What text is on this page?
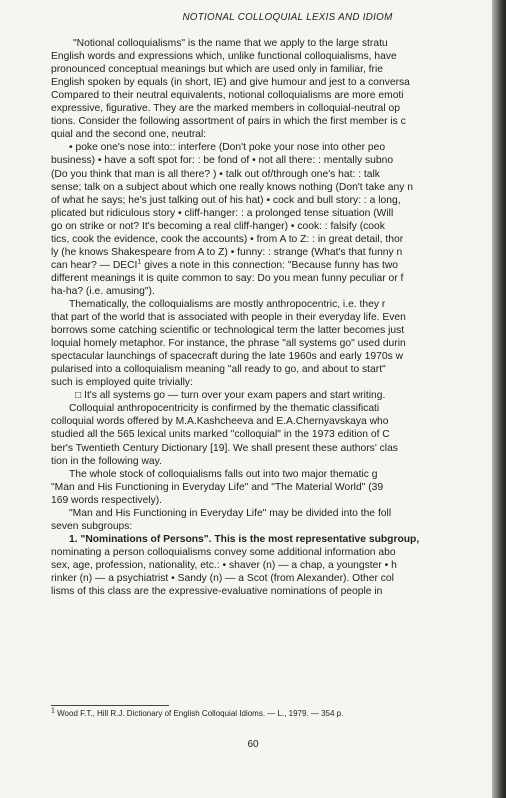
NOTIONAL COLLOQUIAL LEXIS AND IDIOM
"Notional colloquialisms" is the name that we apply to the large stratu
English words and expressions which, unlike functional colloquialisms, have
pronounced conceptual meanings but which are used only in familiar, frie
English spoken by equals (in short, IE) and give humour and jest to a conversa
Compared to their neutral equivalents, notional colloquialisms are more emoti
expressive, figurative. They are the marked members in colloquial-neutral op
tions. Consider the following assortment of pairs in which the first member is c
quial and the second one, neutral:
• poke one's nose into:: interfere (Don't poke your nose into other peo
business) • have a soft spot for: : be fond of • not all there: : mentally subno
(Do you think that man is all there? ) • talk out of/through one's hat: : talk
sense; talk on a subject about which one really knows nothing (Don't take any n
of what he says; he's just talking out of his hat) • cock and bull story: : a long,
plicated but ridiculous story • cliff-hanger: : a prolonged tense situation (Will
go on strike or not? It's becoming a real cliff-hanger) • cook: : falsify (cook
tics, cook the evidence, cook the accounts) • from A to Z: : in great detail, thor
ly (he knows Shakespeare from A to Z) • funny: : strange (What's that funny n
can hear? — DECI$^1$ gives a note in this connection: "Because funny has two
different meanings it is quite common to say: Do you mean funny peculiar or f
ha-ha? (i.e. amusing").
Thematically, the colloquialisms are mostly anthropocentric, i.e. they r
that part of the world that is associated with people in their everyday life. Even
borrows some catching scientific or technological term the latter becomes just
loquial homely metaphor. For instance, the phrase "all systems go" used durin
spectacular launchings of spacecraft during the late 1960s and early 1970s w
pularised into a colloquialism meaning "all ready to go, and about to start"
such is employed quite trivially:
□ It's all systems go — turn over your exam papers and start writing.
Colloquial anthropocentricity is confirmed by the thematic classificati
colloquial words offered by M.A.Kashcheeva and E.A.Chernyavskaya who
studied all the 565 lexical units marked "colloquial" in the 1973 edition of C
ber's Twentieth Century Dictionary [19]. We shall present these authors' clas
tion in the following way.
The whole stock of colloquialisms falls out into two major thematic g
"Man and His Functioning in Everyday Life" and "The Material World" (39
169 words respectively).
"Man and His Functioning in Everyday Life" may be divided into the foll
seven subgroups:
1. "Nominations of Persons". This is the most representative subgroup,
nominating a person colloquialisms convey some additional information abo
sex, age, profession, nationality, etc.: • shaver (n) — a chap, a youngster • h
rinker (n) — a psychiatrist • Sandy (n) — a Scot (from Alexander). Other col
lisms of this class are the expressive-evaluative nominations of people in
$^1$ Wood F.T., Hill R.J. Dictionary of English Colloquial Idioms. — L., 1979. — 354 p.
60
